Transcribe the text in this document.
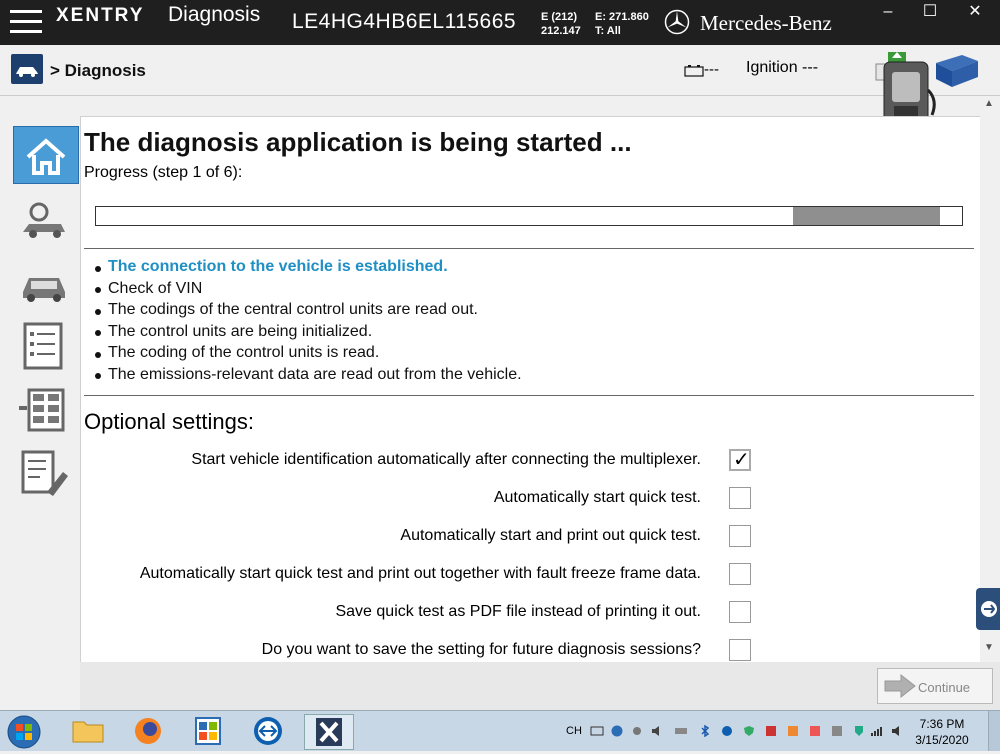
XENTRY Diagnosis LE4HG4HB6EL115665 E (212)
212.147
E: 271.860
T: All	Mercedes-Benz	–	☐	✕
> Diagnosis	--- Ignition ---
The diagnosis application is being started ...
Progress (step 1 of 6):
The connection to the vehicle is established.
Check of VIN
The codings of the central control units are read out.
The control units are being initialized.
The coding of the control units is read.
The emissions-relevant data are read out from the vehicle.
Optional settings:
Start vehicle identification automatically after connecting the multiplexer. ✓
Automatically start quick test.
Automatically start and print out quick test.
Automatically start quick test and print out together with fault freeze frame data.
Save quick test as PDF file instead of printing it out.
Do you want to save the setting for future diagnosis sessions?
▲
▼
Continue
CH	7:36 PM
3/15/2020
